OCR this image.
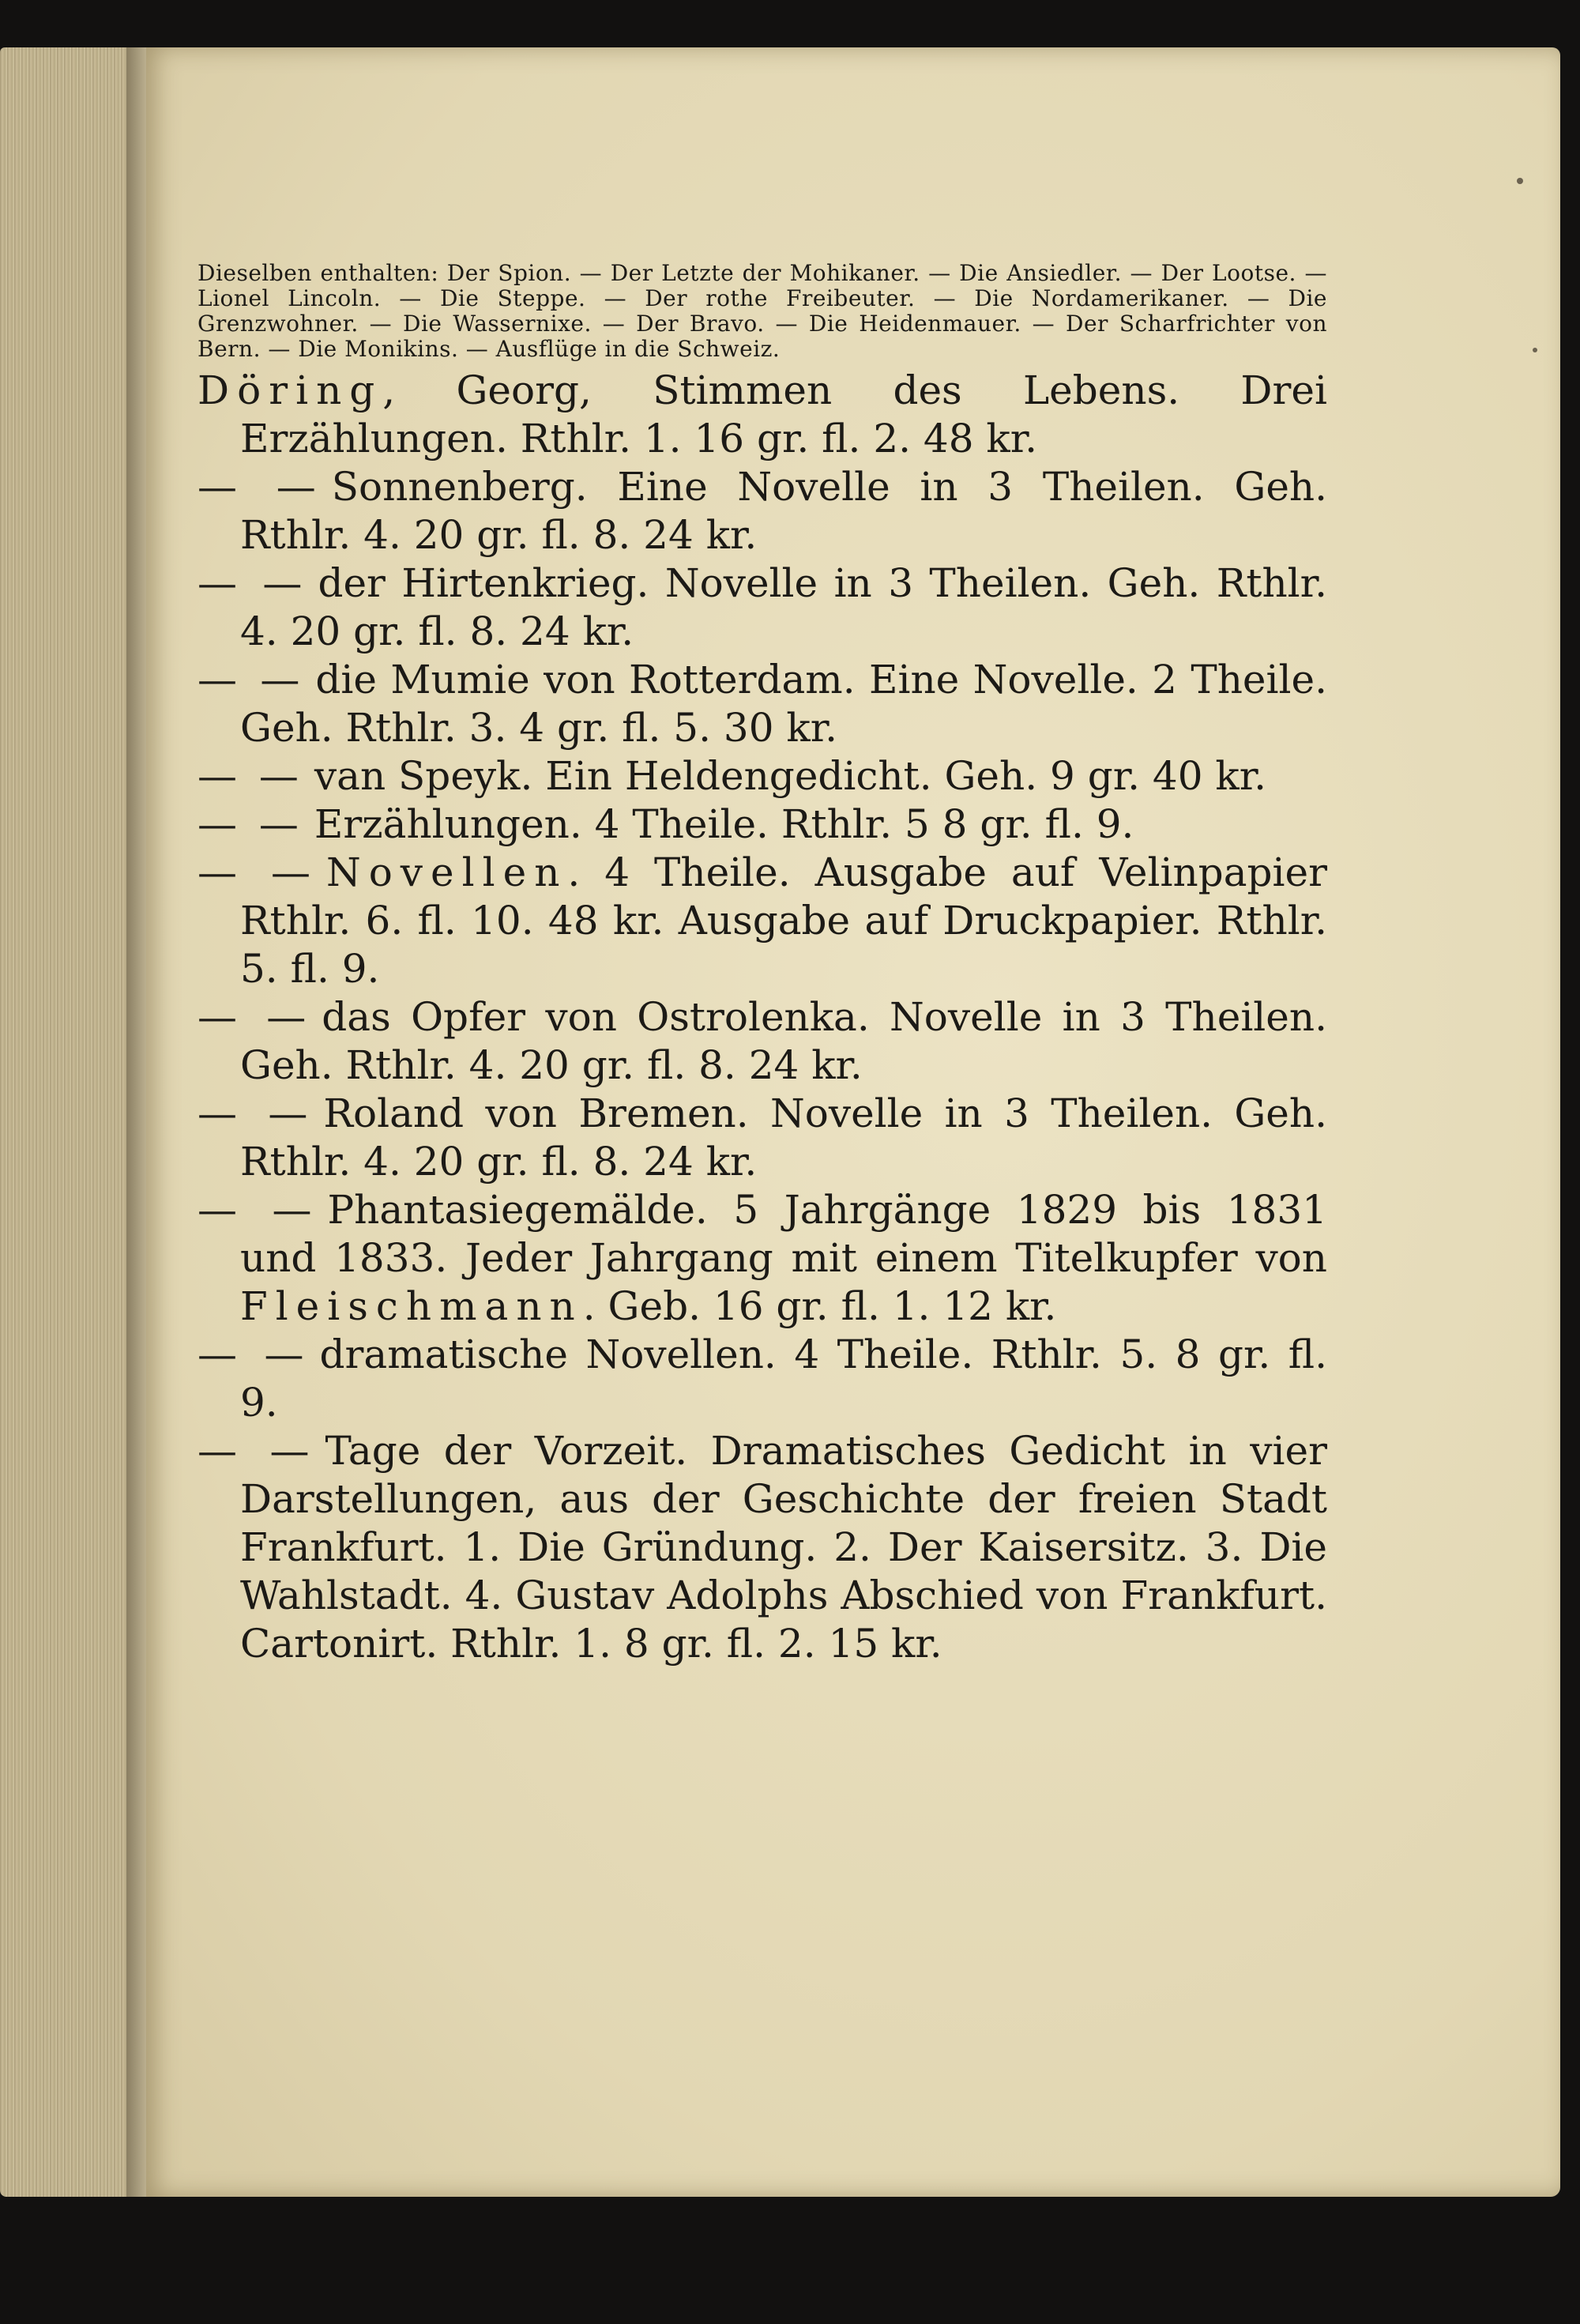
Dieselben enthalten: Der Spion. — Der Letzte der Mohikaner. — Die Ansiedler. — Der Lootse. — Lionel Lincoln. — Die Steppe. — Der rothe Freibeuter. — Die Nordamerikaner. — Die Grenzwohner. — Die Wassernixe. — Der Bravo. — Die Heidenmauer. — Der Scharfrichter von Bern. — Die Monikins. — Ausflüge in die Schweiz.

Döring, Georg, Stimmen des Lebens. Drei Erzählungen. Rthlr. 1. 16 gr. fl. 2. 48 kr.
— — Sonnenberg. Eine Novelle in 3 Theilen. Geh. Rthlr. 4. 20 gr. fl. 8. 24 kr.
— — der Hirtenkrieg. Novelle in 3 Theilen. Geh. Rthlr. 4. 20 gr. fl. 8. 24 kr.
— — die Mumie von Rotterdam. Eine Novelle. 2 Theile. Geh. Rthlr. 3. 4 gr. fl. 5. 30 kr.
— — van Speyk. Ein Heldengedicht. Geh. 9 gr. 40 kr.
— — Erzählungen. 4 Theile. Rthlr. 5 8 gr. fl. 9.
— — Novellen. 4 Theile. Ausgabe auf Velinpapier Rthlr. 6. fl. 10. 48 kr. Ausgabe auf Druckpapier. Rthlr. 5. fl. 9.
— — das Opfer von Ostrolenka. Novelle in 3 Theilen. Geh. Rthlr. 4. 20 gr. fl. 8. 24 kr.
— — Roland von Bremen. Novelle in 3 Theilen. Geh. Rthlr. 4. 20 gr. fl. 8. 24 kr.
— — Phantasiegemälde. 5 Jahrgänge 1829 bis 1831 und 1833. Jeder Jahrgang mit einem Titelkupfer von Fleischmann. Geb. 16 gr. fl. 1. 12 kr.
— — dramatische Novellen. 4 Theile. Rthlr. 5. 8 gr. fl. 9.
— — Tage der Vorzeit. Dramatisches Gedicht in vier Darstellungen, aus der Geschichte der freien Stadt Frankfurt. 1. Die Gründung. 2. Der Kaisersitz. 3. Die Wahlstadt. 4. Gustav Adolphs Abschied von Frankfurt. Cartonirt. Rthlr. 1. 8 gr. fl. 2. 15 kr.
